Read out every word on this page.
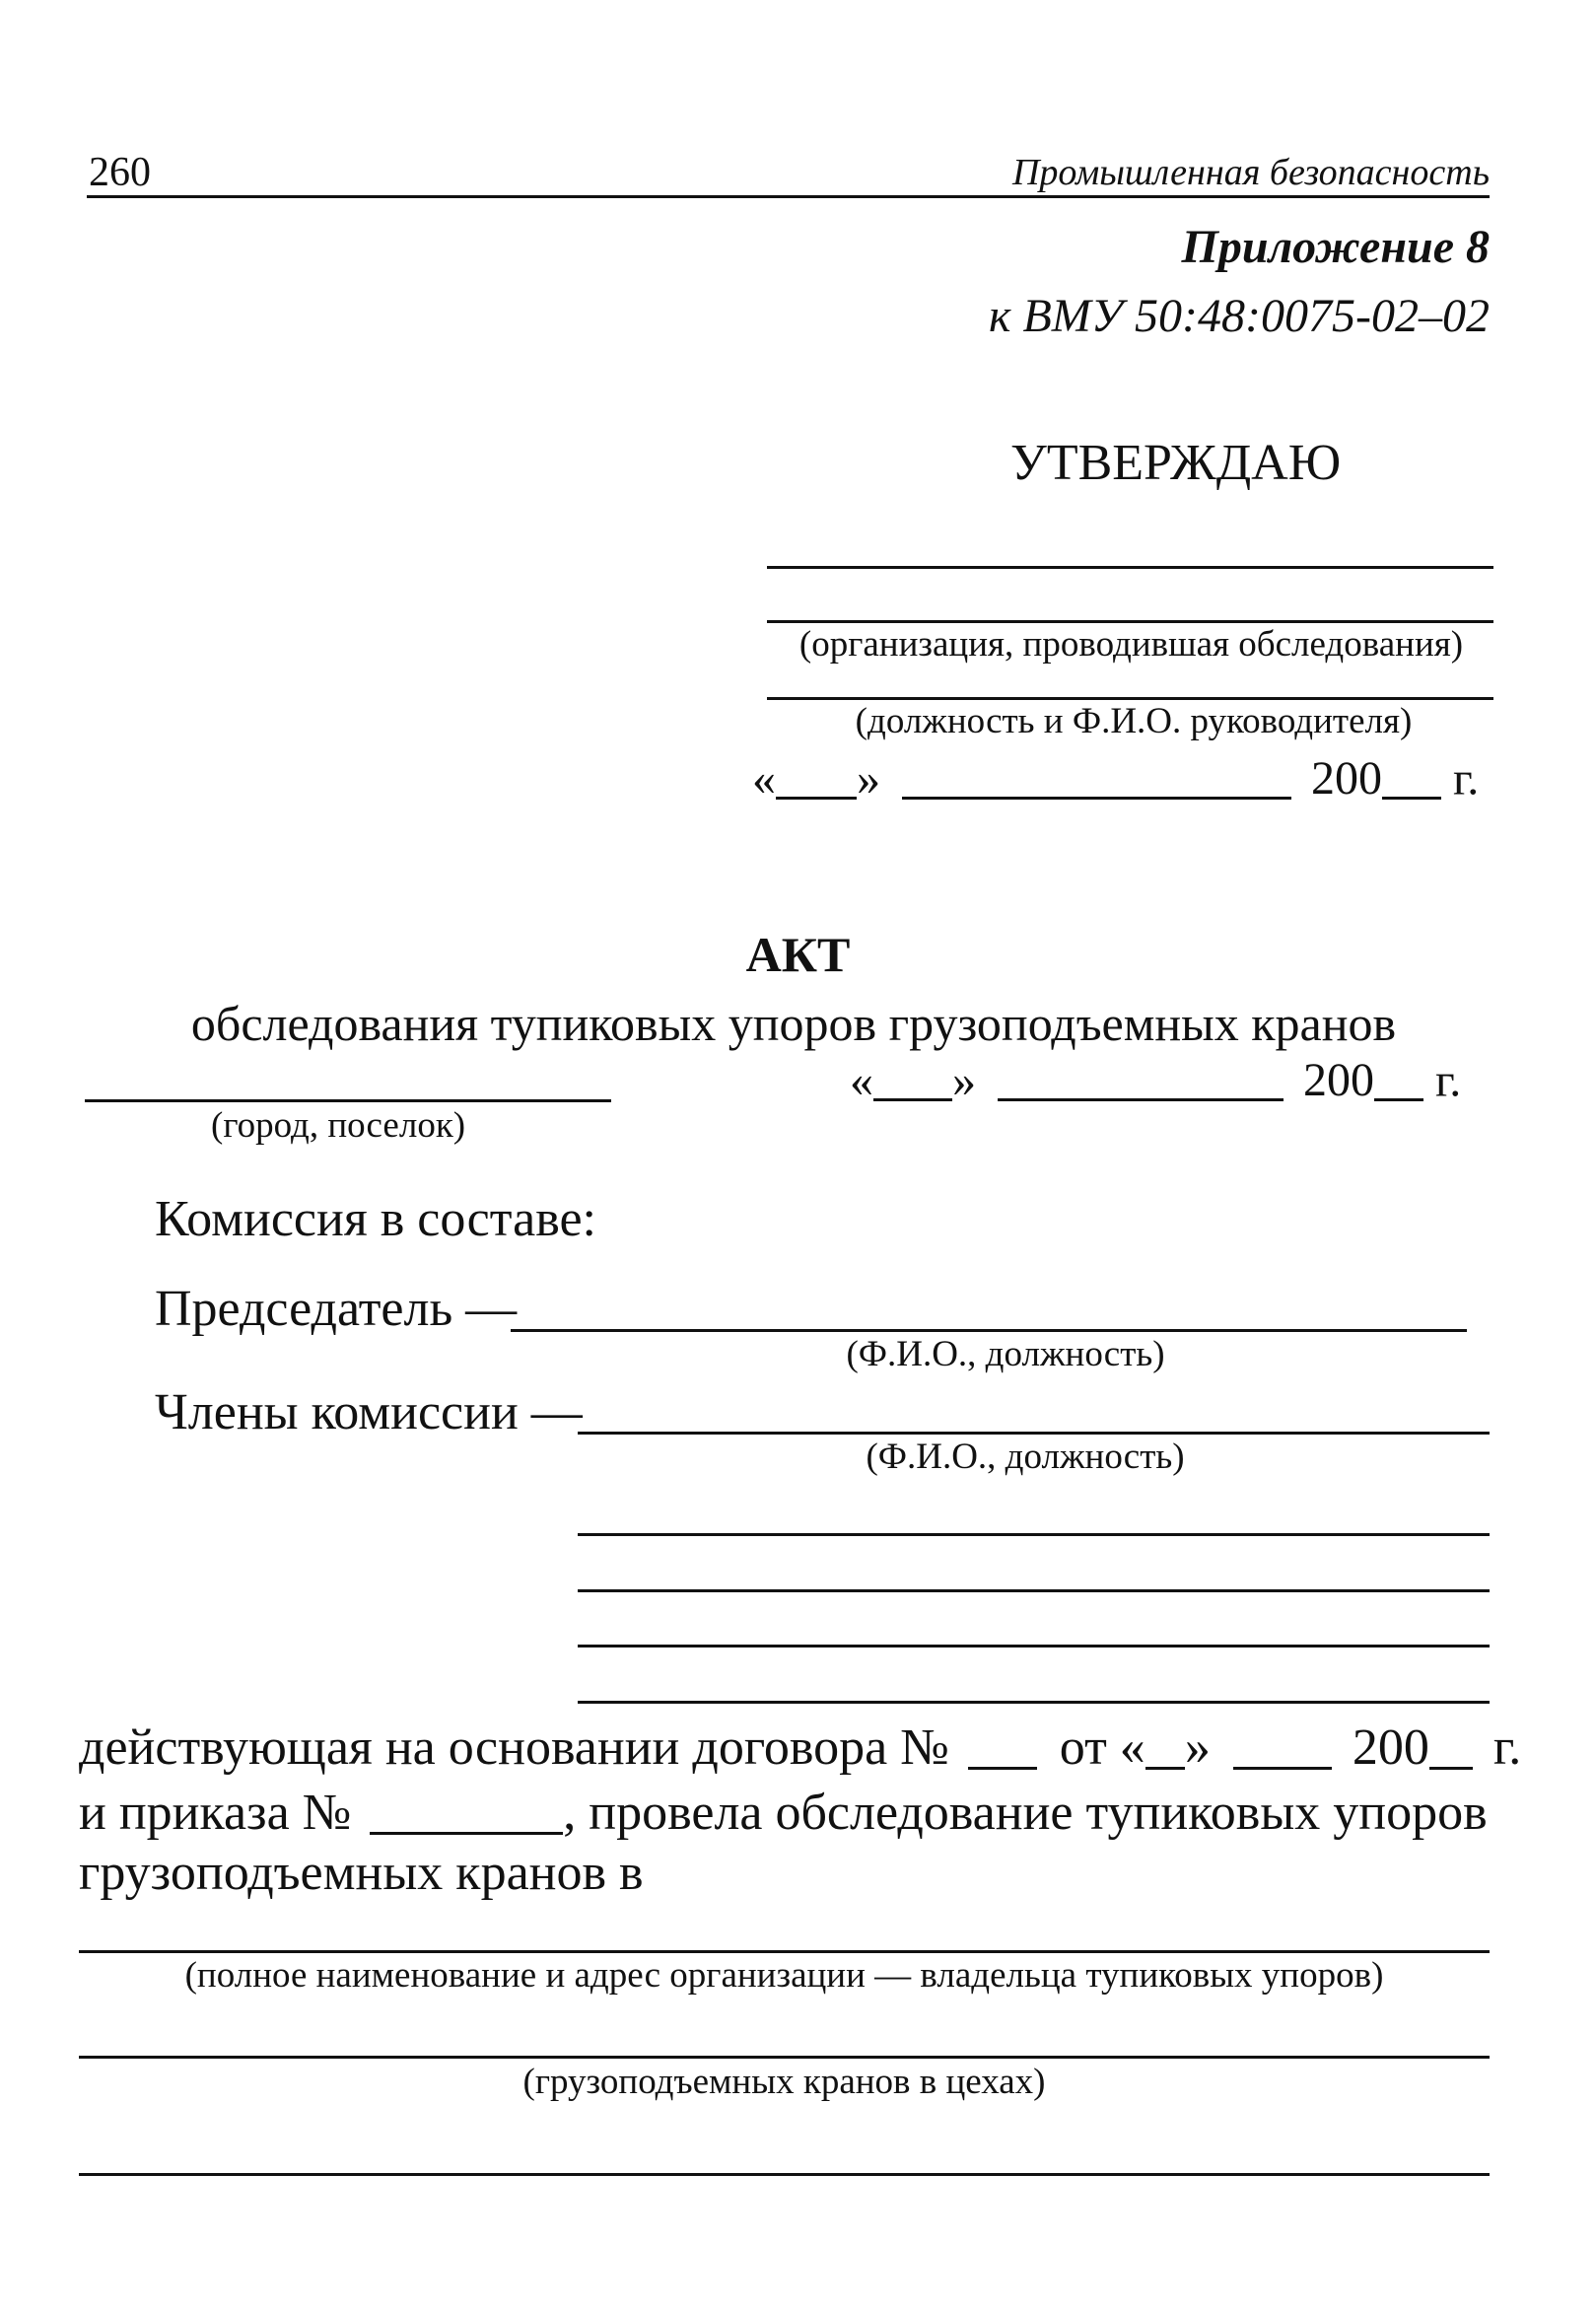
260	Промышленная безопасность
Приложение 8
к ВМУ 50:48:0075-02–02
УТВЕРЖДАЮ
(организация, проводившая обследования)
(должность и Ф.И.О. руководителя)
« »	200 г.
АКТ
обследования тупиковых упоров грузоподъемных кранов
(город, поселок)
« »	200 г.
Комиссия в составе:
Председатель —
(Ф.И.О., должность)
Члены комиссии —
(Ф.И.О., должность)
действующая на основании договора № от « »	200 г.
и приказа №	, провела обследование тупиковых упоров
грузоподъемных кранов в
(полное наименование и адрес организации — владельца тупиковых упоров)
(грузоподъемных кранов в цехах)
